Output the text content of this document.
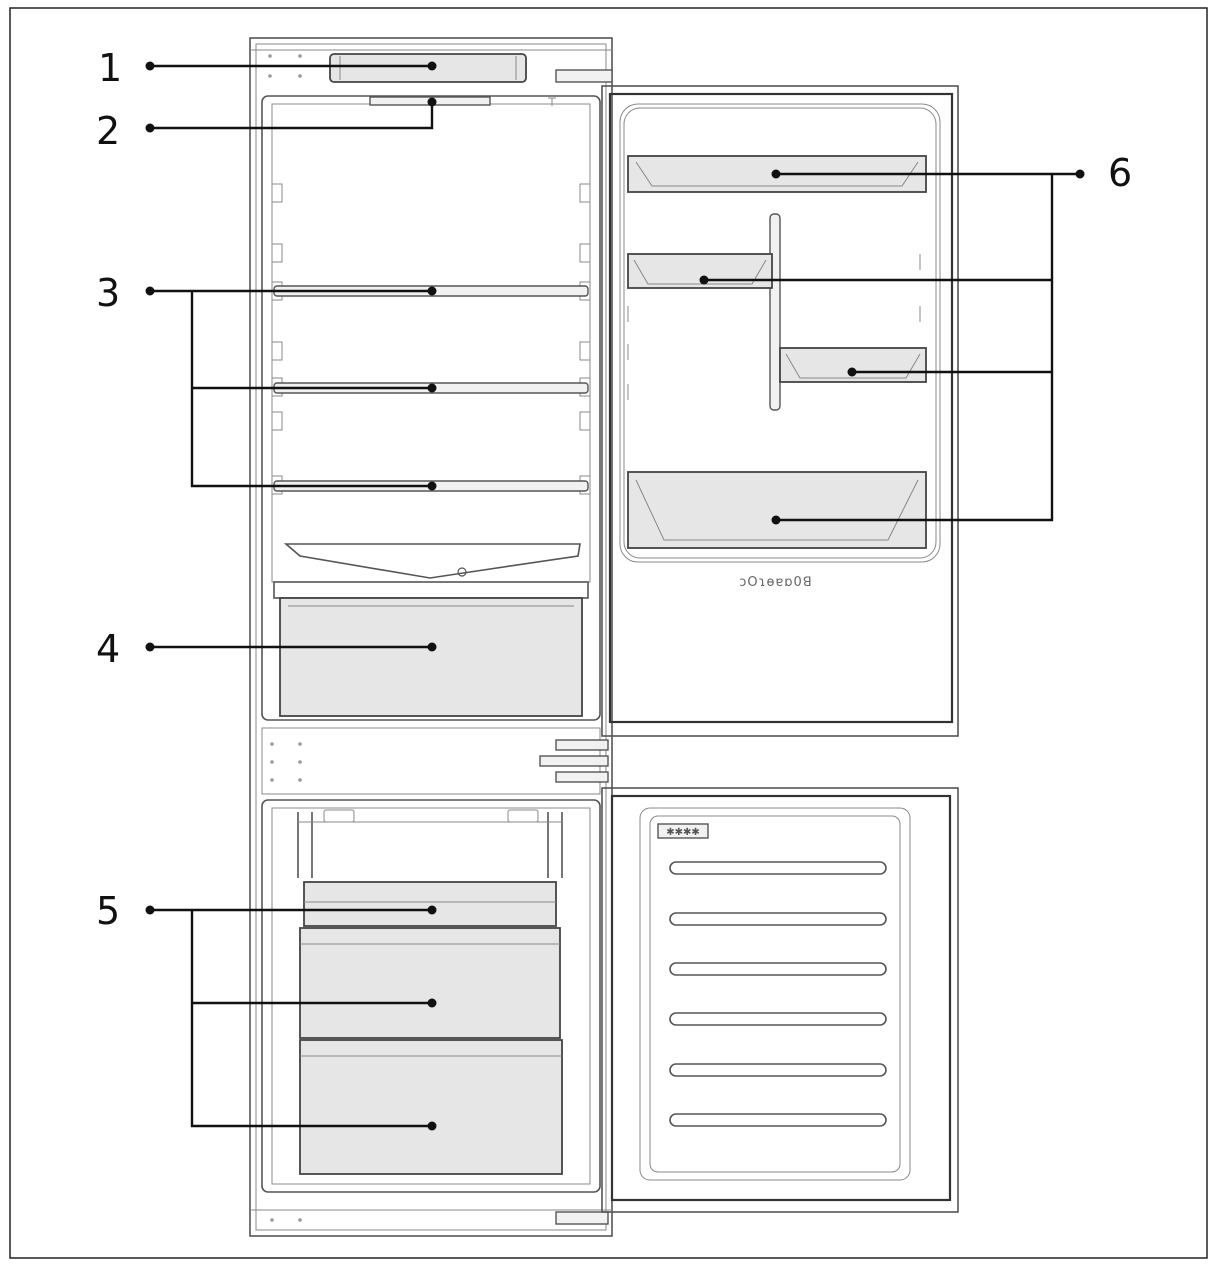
ɔOɿɵɐɒ0ꓭ
✱✱✱✱
1
2
3
4
5
6
